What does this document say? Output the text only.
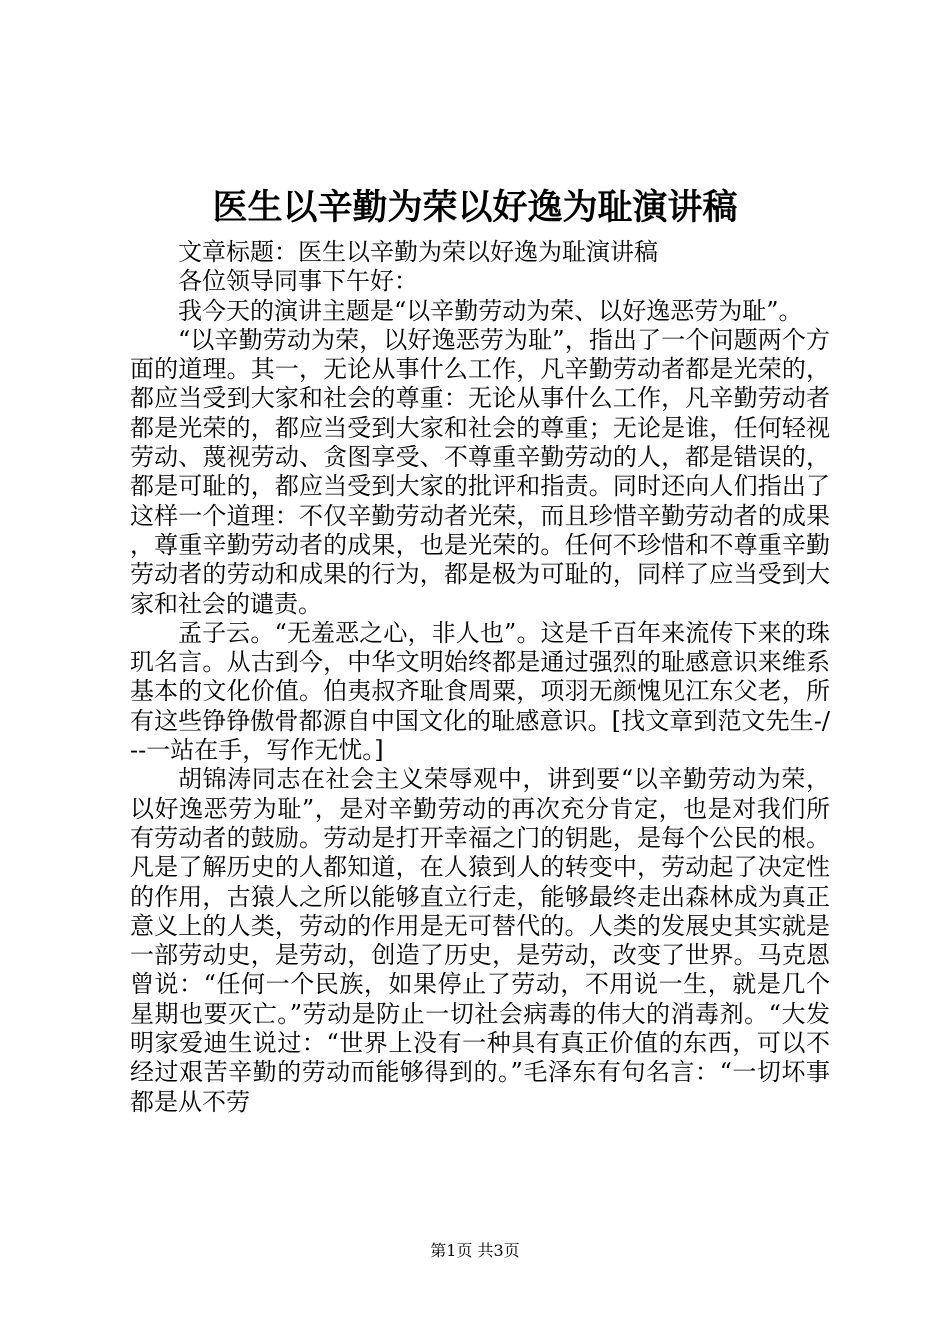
医生以辛勤为荣以好逸为耻演讲稿

文章标题：医生以辛勤为荣以好逸为耻演讲稿

各位领导同事下午好：

我今天的演讲主题是“以辛勤劳动为荣、以好逸恶劳为耻”。

“以辛勤劳动为荣，以好逸恶劳为耻”，指出了一个问题两个方面的道理。其一，无论从事什么工作，凡辛勤劳动者都是光荣的，都应当受到大家和社会的尊重：无论从事什么工作，凡辛勤劳动者都是光荣的，都应当受到大家和社会的尊重；无论是谁，任何轻视劳动、蔑视劳动、贪图享受、不尊重辛勤劳动的人，都是错误的，都是可耻的，都应当受到大家的批评和指责。同时还向人们指出了这样一个道理：不仅辛勤劳动者光荣，而且珍惜辛勤劳动者的成果，尊重辛勤劳动者的成果，也是光荣的。任何不珍惜和不尊重辛勤劳动者的劳动和成果的行为，都是极为可耻的，同样了应当受到大家和社会的谴责。

孟子云。“无羞恶之心，非人也”。这是千百年来流传下来的珠玑名言。从古到今，中华文明始终都是通过强烈的耻感意识来维系基本的文化价值。伯夷叔齐耻食周粟，项羽无颜愧见江东父老，所有这些铮铮傲骨都源自中国文化的耻感意识。[找文章到范文先生-/--一站在手，写作无忧。]

胡锦涛同志在社会主义荣辱观中，讲到要“以辛勤劳动为荣，以好逸恶劳为耻”，是对辛勤劳动的再次充分肯定，也是对我们所有劳动者的鼓励。劳动是打开幸福之门的钥匙，是每个公民的根。凡是了解历史的人都知道，在人猿到人的转变中，劳动起了决定性的作用，古猿人之所以能够直立行走，能够最终走出森林成为真正意义上的人类，劳动的作用是无可替代的。人类的发展史其实就是一部劳动史，是劳动，创造了历史，是劳动，改变了世界。马克恩曾说：“任何一个民族，如果停止了劳动，不用说一生，就是几个星期也要灭亡。”劳动是防止一切社会病毒的伟大的消毒剂。“大发明家爱迪生说过：“世界上没有一种具有真正价值的东西，可以不经过艰苦辛勤的劳动而能够得到的。”毛泽东有句名言：“一切坏事都是从不劳

第1页 共3页
